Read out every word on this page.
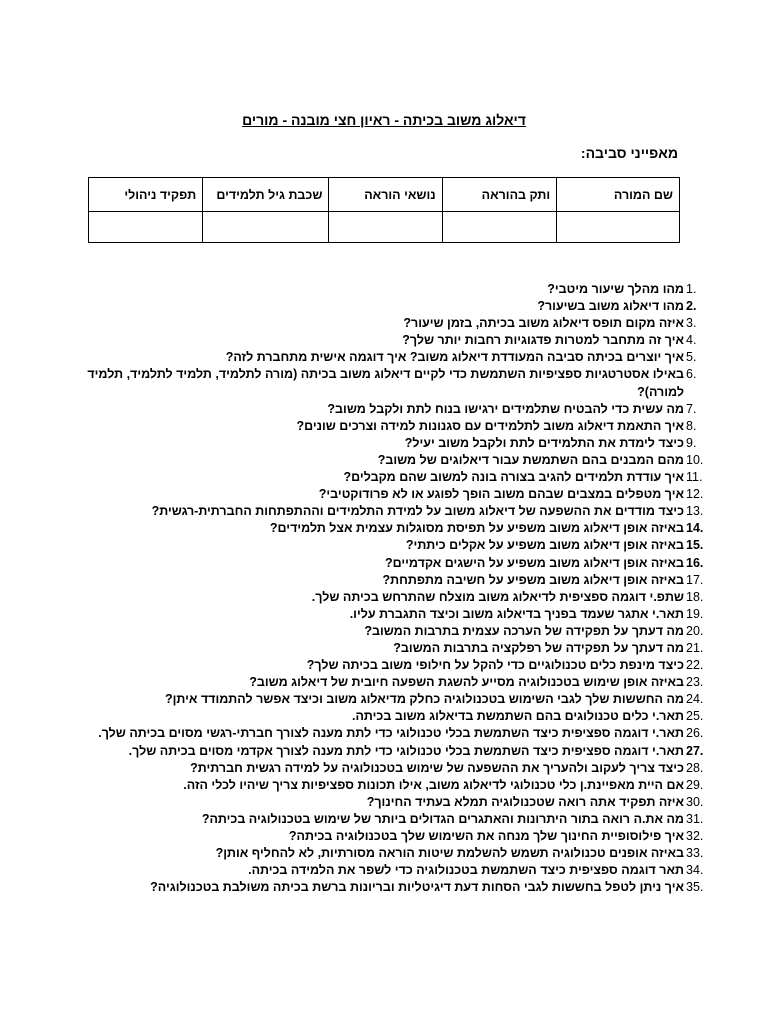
דיאלוג משוב בכיתה - ראיון חצי מובנה - מורים
מאפייני סביבה:
שם המורה	ותק בהוראה	נושאי הוראה	שכבת גיל תלמידים	תפקיד ניהולי

1.
מהו מהלך שיעור מיטבי?
2.
מהו דיאלוג משוב בשיעור?
3.
איזה מקום תופס דיאלוג משוב בכיתה, בזמן שיעור?
4.
איך זה מתחבר למטרות פדגוגיות רחבות יותר שלך?
5.
איך יוצרים בכיתה סביבה המעודדת דיאלוג משוב? איך דוגמה אישית מתחברת לזה?
6.
באילו אסטרטגיות ספציפיות השתמשת כדי לקיים דיאלוג משוב בכיתה (מורה לתלמיד, תלמיד לתלמיד, תלמיד למורה)?
7.
מה עשית כדי להבטיח שתלמידים ירגישו בנוח לתת ולקבל משוב?
8.
איך התאמת דיאלוג משוב לתלמידים עם סגנונות למידה וצרכים שונים?
9.
כיצד לימדת את התלמידים לתת ולקבל משוב יעיל?
10.
מהם המבנים בהם השתמשת עבור דיאלוגים של משוב?
11.
איך עודדת תלמידים להגיב בצורה בונה למשוב שהם מקבלים?
12.
איך מטפלים במצבים שבהם משוב הופך לפוגע או לא פרודוקטיבי?
13.
כיצד מודדים את ההשפעה של דיאלוג משוב על למידת התלמידים וההתפתחות החברתית-רגשית?
14.
באיזה אופן דיאלוג משוב משפיע על תפיסת מסוגלות עצמית אצל תלמידים?
15.
באיזה אופן דיאלוג משוב משפיע על אקלים כיתתי?
16.
באיזה אופן דיאלוג משוב משפיע על הישגים אקדמיים?
17.
באיזה אופן דיאלוג משוב משפיע על חשיבה מתפתחת?
18.
שתפ.י דוגמה ספציפית לדיאלוג משוב מוצלח שהתרחש בכיתה שלך.
19.
תאר.י אתגר שעמד בפניך בדיאלוג משוב וכיצד התגברת עליו.
20.
מה דעתך על תפקידה של הערכה עצמית בתרבות המשוב?
21.
מה דעתך על תפקידה של רפלקציה בתרבות המשוב?
22.
כיצד מינפת כלים טכנולוגיים כדי להקל על חילופי משוב בכיתה שלך?
23.
באיזה אופן שימוש בטכנולוגיה מסייע להשגת השפעה חיובית של דיאלוג משוב?
24.
מה החששות שלך לגבי השימוש בטכנולוגיה כחלק מדיאלוג משוב וכיצד אפשר להתמודד איתן?
25.
תאר.י כלים טכנולוגים בהם השתמשת בדיאלוג משוב בכיתה.
26.
תאר.י דוגמה ספציפית כיצד השתמשת בכלי טכנולוגי כדי לתת מענה לצורך חברתי-רגשי מסוים בכיתה שלך.
27.
תאר.י דוגמה ספציפית כיצד השתמשת בכלי טכנולוגי כדי לתת מענה לצורך אקדמי מסוים בכיתה שלך.
28.
כיצד צריך לעקוב ולהעריך את ההשפעה של שימוש בטכנולוגיה על למידה רגשית חברתית?
29.
אם היית מאפיינת.ן כלי טכנולוגי לדיאלוג משוב, אילו תכונות ספציפיות צריך שיהיו לכלי הזה.
30.
איזה תפקיד אתה רואה שטכנולוגיה תמלא בעתיד החינוך?
31.
מה את.ה רואה בתור היתרונות והאתגרים הגדולים ביותר של שימוש בטכנולוגיה בכיתה?
32.
איך פילוסופיית החינוך שלך מנחה את השימוש שלך בטכנולוגיה בכיתה?
33.
באיזה אופנים טכנולוגיה תשמש להשלמת שיטות הוראה מסורתיות, לא להחליף אותן?
34.
תאר דוגמה ספציפית כיצד השתמשת בטכנולוגיה כדי לשפר את הלמידה בכיתה.
35.
איך ניתן לטפל בחששות לגבי הסחות דעת דיגיטליות ובריונות ברשת בכיתה משולבת בטכנולוגיה?
